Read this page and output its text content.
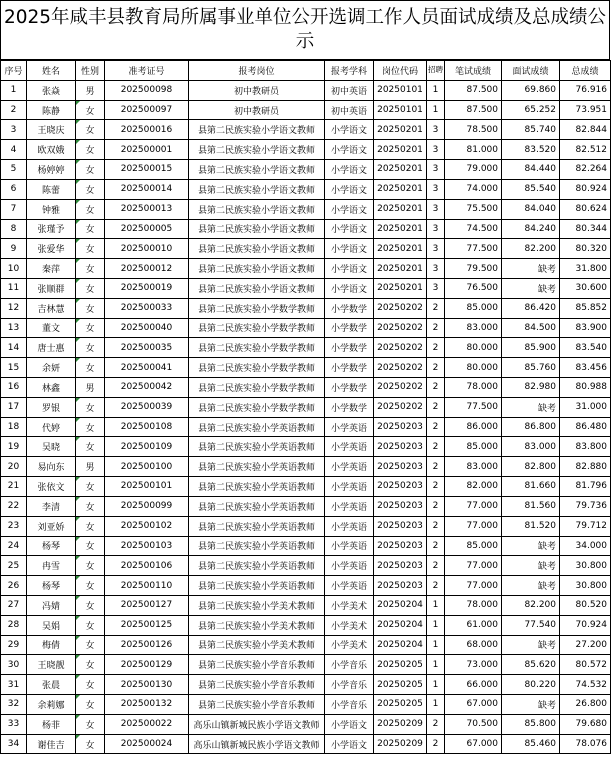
2025年咸丰县教育局所属事业单位公开选调工作人员面试成绩及总成绩公示
序号	姓名	性别	准考证号	报考岗位	报考学科	岗位代码	招聘	笔试成绩	面试成绩	总成绩
1	张焱	男	202500098	初中教研员	初中英语	20250101	1	87.500	69.860	76.916
2	陈静	女	202500097	初中教研员	初中英语	20250101	1	87.500	65.252	73.951
3	王晓庆	女	202500016	县第二民族实验小学语文教师	小学语文	20250201	3	78.500	85.740	82.844
4	欧双娥	女	202500001	县第二民族实验小学语文教师	小学语文	20250201	3	81.000	83.520	82.512
5	杨婷婷	女	202500015	县第二民族实验小学语文教师	小学语文	20250201	3	79.000	84.440	82.264
6	陈蕾	女	202500014	县第二民族实验小学语文教师	小学语文	20250201	3	74.000	85.540	80.924
7	钟雅	女	202500013	县第二民族实验小学语文教师	小学语文	20250201	3	75.500	84.040	80.624
8	张瑾予	女	202500005	县第二民族实验小学语文教师	小学语文	20250201	3	74.500	84.240	80.344
9	张爱华	女	202500010	县第二民族实验小学语文教师	小学语文	20250201	3	77.500	82.200	80.320
10	秦萍	女	202500012	县第二民族实验小学语文教师	小学语文	20250201	3	79.500	缺考	31.800
11	张顺群	女	202500019	县第二民族实验小学语文教师	小学语文	20250201	3	76.500	缺考	30.600
12	吉林慧	女	202500033	县第二民族实验小学数学教师	小学数学	20250202	2	85.000	86.420	85.852
13	董文	女	202500040	县第二民族实验小学数学教师	小学数学	20250202	2	83.000	84.500	83.900
14	唐士惠	女	202500035	县第二民族实验小学数学教师	小学数学	20250202	2	80.000	85.900	83.540
15	余妍	女	202500041	县第二民族实验小学数学教师	小学数学	20250202	2	80.000	85.760	83.456
16	林鑫	男	202500042	县第二民族实验小学数学教师	小学数学	20250202	2	78.000	82.980	80.988
17	罗银	女	202500039	县第二民族实验小学数学教师	小学数学	20250202	2	77.500	缺考	31.000
18	代婷	女	202500108	县第二民族实验小学英语教师	小学英语	20250203	2	86.000	86.800	86.480
19	吴晓	女	202500109	县第二民族实验小学英语教师	小学英语	20250203	2	85.000	83.000	83.800
20	易向东	男	202500100	县第二民族实验小学英语教师	小学英语	20250203	2	83.000	82.800	82.880
21	张依文	女	202500101	县第二民族实验小学英语教师	小学英语	20250203	2	82.000	81.660	81.796
22	李清	女	202500099	县第二民族实验小学英语教师	小学英语	20250203	2	77.000	81.560	79.736
23	刘亚娇	女	202500102	县第二民族实验小学英语教师	小学英语	20250203	2	77.000	81.520	79.712
24	杨琴	女	202500103	县第二民族实验小学英语教师	小学英语	20250203	2	85.000	缺考	34.000
25	冉雪	女	202500106	县第二民族实验小学英语教师	小学英语	20250203	2	77.000	缺考	30.800
26	杨琴	女	202500110	县第二民族实验小学英语教师	小学英语	20250203	2	77.000	缺考	30.800
27	冯婧	女	202500127	县第二民族实验小学美术教师	小学美术	20250204	1	78.000	82.200	80.520
28	吴娟	女	202500125	县第二民族实验小学美术教师	小学美术	20250204	1	61.000	77.540	70.924
29	梅倩	女	202500126	县第二民族实验小学美术教师	小学美术	20250204	1	68.000	缺考	27.200
30	王晓靓	女	202500129	县第二民族实验小学音乐教师	小学音乐	20250205	1	73.000	85.620	80.572
31	张晨	女	202500130	县第二民族实验小学音乐教师	小学音乐	20250205	1	66.000	80.220	74.532
32	余莉娜	女	202500132	县第二民族实验小学音乐教师	小学音乐	20250205	1	67.000	缺考	26.800
33	杨菲	女	202500022	高乐山镇新城民族小学语文教师	小学语文	20250209	2	70.500	85.800	79.680
34	谢佳吉	女	202500024	高乐山镇新城民族小学语文教师	小学语文	20250209	2	67.000	85.460	78.076
